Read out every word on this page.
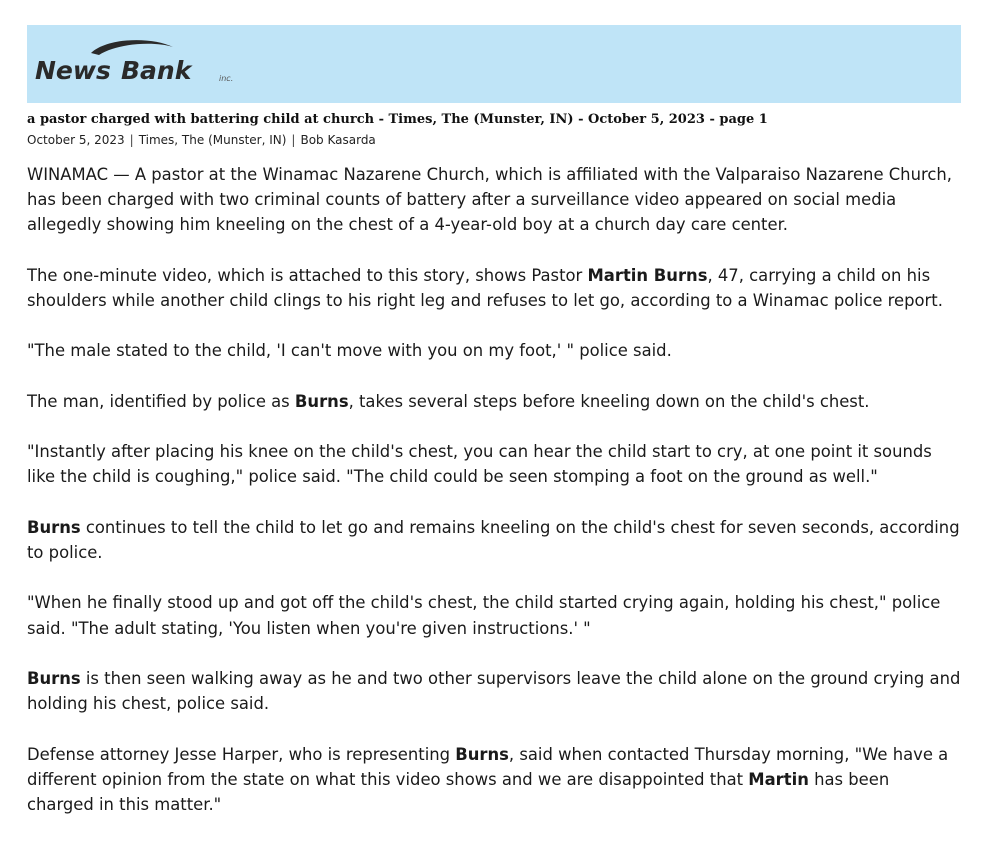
News Bank	inc.
a pastor charged with battering child at church - Times, The (Munster, IN) - October 5, 2023 - page 1
October 5, 2023 | Times, The (Munster, IN) | Bob Kasarda

WINAMAC — A pastor at the Winamac Nazarene Church, which is affiliated with the Valparaiso Nazarene Church, has been charged with two criminal counts of battery after a surveillance video appeared on social media allegedly showing him kneeling on the chest of a 4-year-old boy at a church day care center.

The one-minute video, which is attached to this story, shows Pastor Martin Burns, 47, carrying a child on his shoulders while another child clings to his right leg and refuses to let go, according to a Winamac police report.

"The male stated to the child, 'I can't move with you on my foot,' " police said.

The man, identified by police as Burns, takes several steps before kneeling down on the child's chest.

"Instantly after placing his knee on the child's chest, you can hear the child start to cry, at one point it sounds like the child is coughing," police said. "The child could be seen stomping a foot on the ground as well."

Burns continues to tell the child to let go and remains kneeling on the child's chest for seven seconds, according to police.

"When he finally stood up and got off the child's chest, the child started crying again, holding his chest," police said. "The adult stating, 'You listen when you're given instructions.' "

Burns is then seen walking away as he and two other supervisors leave the child alone on the ground crying and holding his chest, police said.

Defense attorney Jesse Harper, who is representing Burns, said when contacted Thursday morning, "We have a different opinion from the state on what this video shows and we are disappointed that Martin has been charged in this matter."
